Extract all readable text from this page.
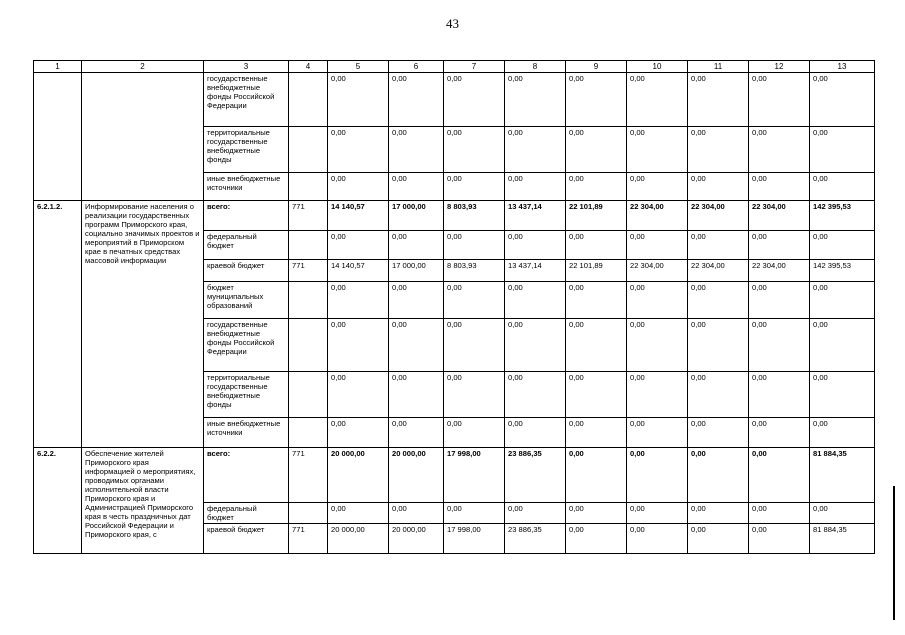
43
1	2	3	4	5	6	7	8	9	10	11	12	13
		государственные внебюджетные фонды Российской Федерации		0,00	0,00	0,00	0,00	0,00	0,00	0,00	0,00	0,00
		территориальные государственные внебюджетные фонды		0,00	0,00	0,00	0,00	0,00	0,00	0,00	0,00	0,00
		иные внебюджетные источники		0,00	0,00	0,00	0,00	0,00	0,00	0,00	0,00	0,00
6.2.1.2.	Информирование населения о реализации государственных программ Приморского края, социально значимых проектов и мероприятий в Приморском крае в печатных средствах массовой информации	всего:	771	14 140,57	17 000,00	8 803,93	13 437,14	22 101,89	22 304,00	22 304,00	22 304,00	142 395,53
		федеральный бюджет		0,00	0,00	0,00	0,00	0,00	0,00	0,00	0,00	0,00
		краевой бюджет	771	14 140,57	17 000,00	8 803,93	13 437,14	22 101,89	22 304,00	22 304,00	22 304,00	142 395,53
		бюджет муниципальных образований		0,00	0,00	0,00	0,00	0,00	0,00	0,00	0,00	0,00
		государственные внебюджетные фонды Российской Федерации		0,00	0,00	0,00	0,00	0,00	0,00	0,00	0,00	0,00
		территориальные государственные внебюджетные фонды		0,00	0,00	0,00	0,00	0,00	0,00	0,00	0,00	0,00
		иные внебюджетные источники		0,00	0,00	0,00	0,00	0,00	0,00	0,00	0,00	0,00
6.2.2.	Обеспечение жителей Приморского края информацией о мероприятиях, проводимых органами исполнительной власти Приморского края и Администрацией Приморского края в честь праздничных дат Российской Федерации и Приморского края, с	всего:	771	20 000,00	20 000,00	17 998,00	23 886,35	0,00	0,00	0,00	0,00	81 884,35
		федеральный бюджет		0,00	0,00	0,00	0,00	0,00	0,00	0,00	0,00	0,00
		краевой бюджет	771	20 000,00	20 000,00	17 998,00	23 886,35	0,00	0,00	0,00	0,00	81 884,35
